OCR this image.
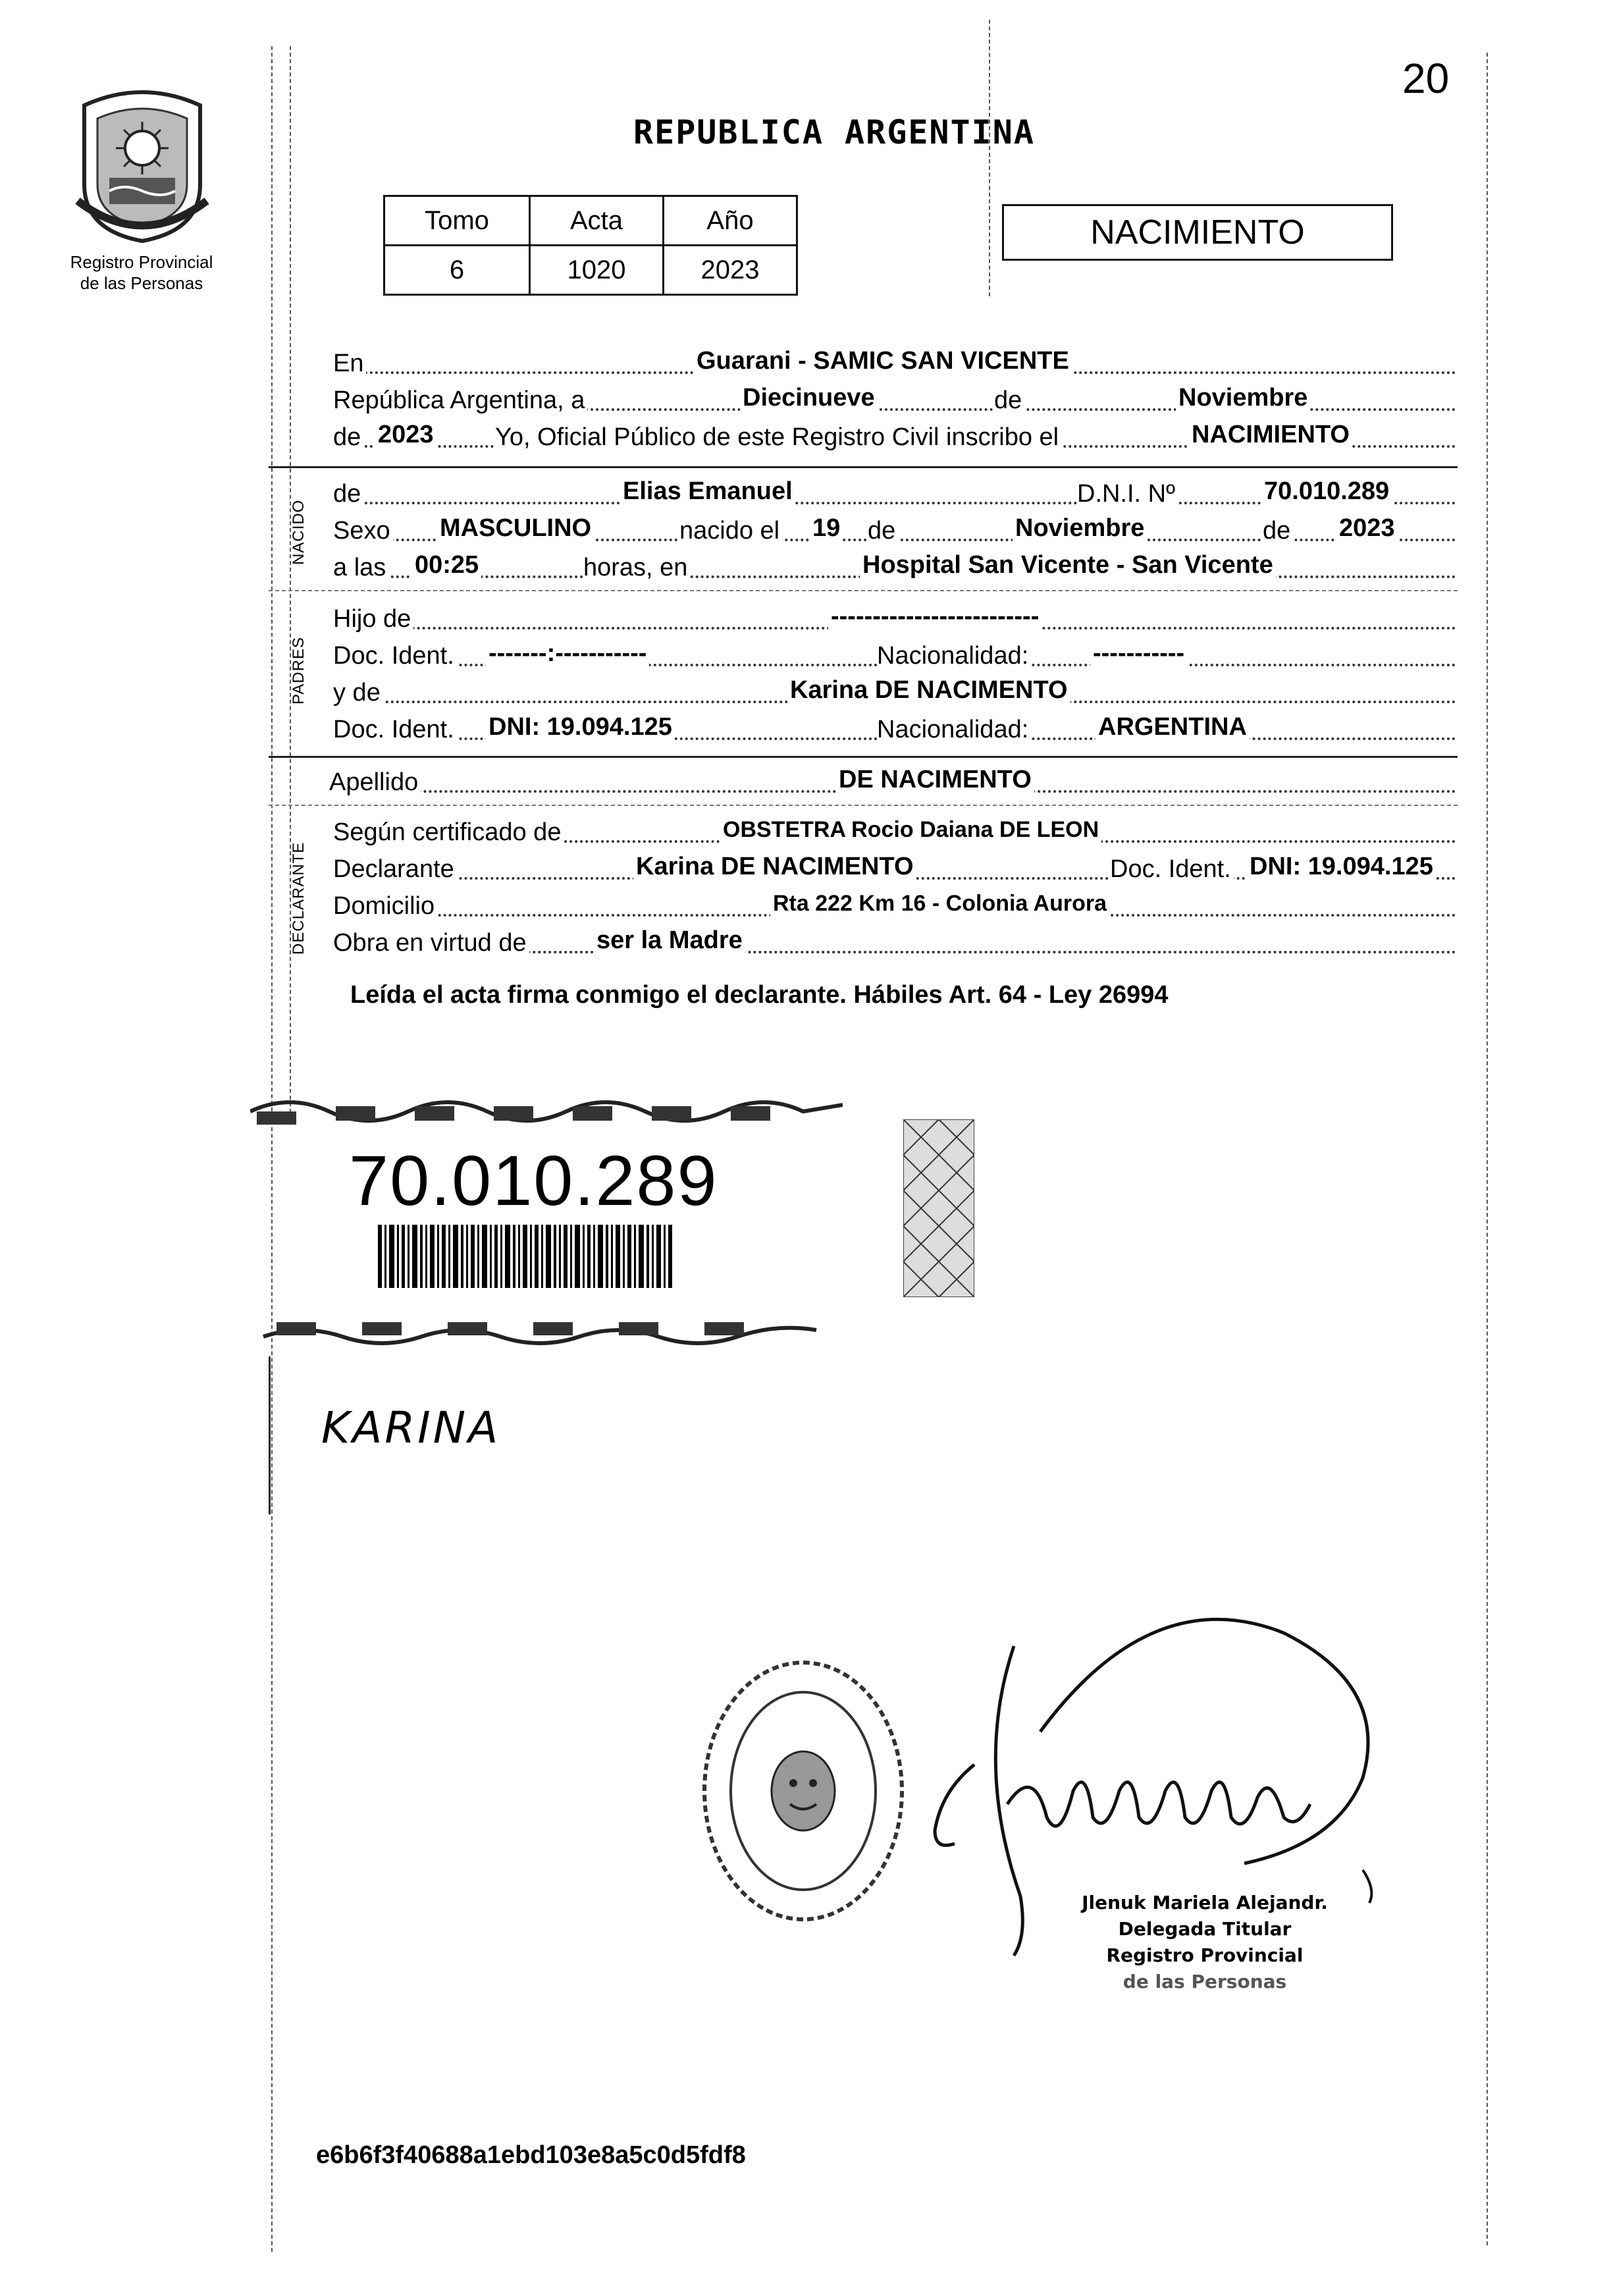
Registro Provincial
de las Personas
20
REPUBLICA ARGENTINA
Tomo	Acta	Año
6	1020	2023
NACIMIENTO
En	Guarani - SAMIC SAN VICENTE
República Argentina, a	Diecinueve	de	Noviembre
de 2023 Yo, Oficial Público de este Registro Civil inscribo el	NACIMIENTO
NACIDO
PADRES
DECLARANTE
de	Elias Emanuel	D.N.I. Nº	70.010.289
Sexo MASCULINO	nacido el 19 de	Noviembre	de 2023
a las 00:25	horas, en	Hospital San Vicente - San Vicente
Hijo de	-------------------------
Doc. Ident. -------:-----------	Nacionalidad:	-----------
y de	Karina DE NACIMENTO
Doc. Ident. DNI: 19.094.125	Nacionalidad:	ARGENTINA
Apellido	DE NACIMENTO
Según certificado de	OBSTETRA Rocio Daiana DE LEON
Declarante	Karina DE NACIMENTO	Doc. Ident. DNI: 19.094.125
Domicilio	Rta 222 Km 16 - Colonia Aurora
Obra en virtud de	ser la Madre
Leída el acta firma conmigo el declarante. Hábiles Art. 64 - Ley 26994
70.010.289
KARINA
Jlenuk Mariela Alejandr.
Delegada Titular
Registro Provincial
de las Personas
e6b6f3f40688a1ebd103e8a5c0d5fdf8
